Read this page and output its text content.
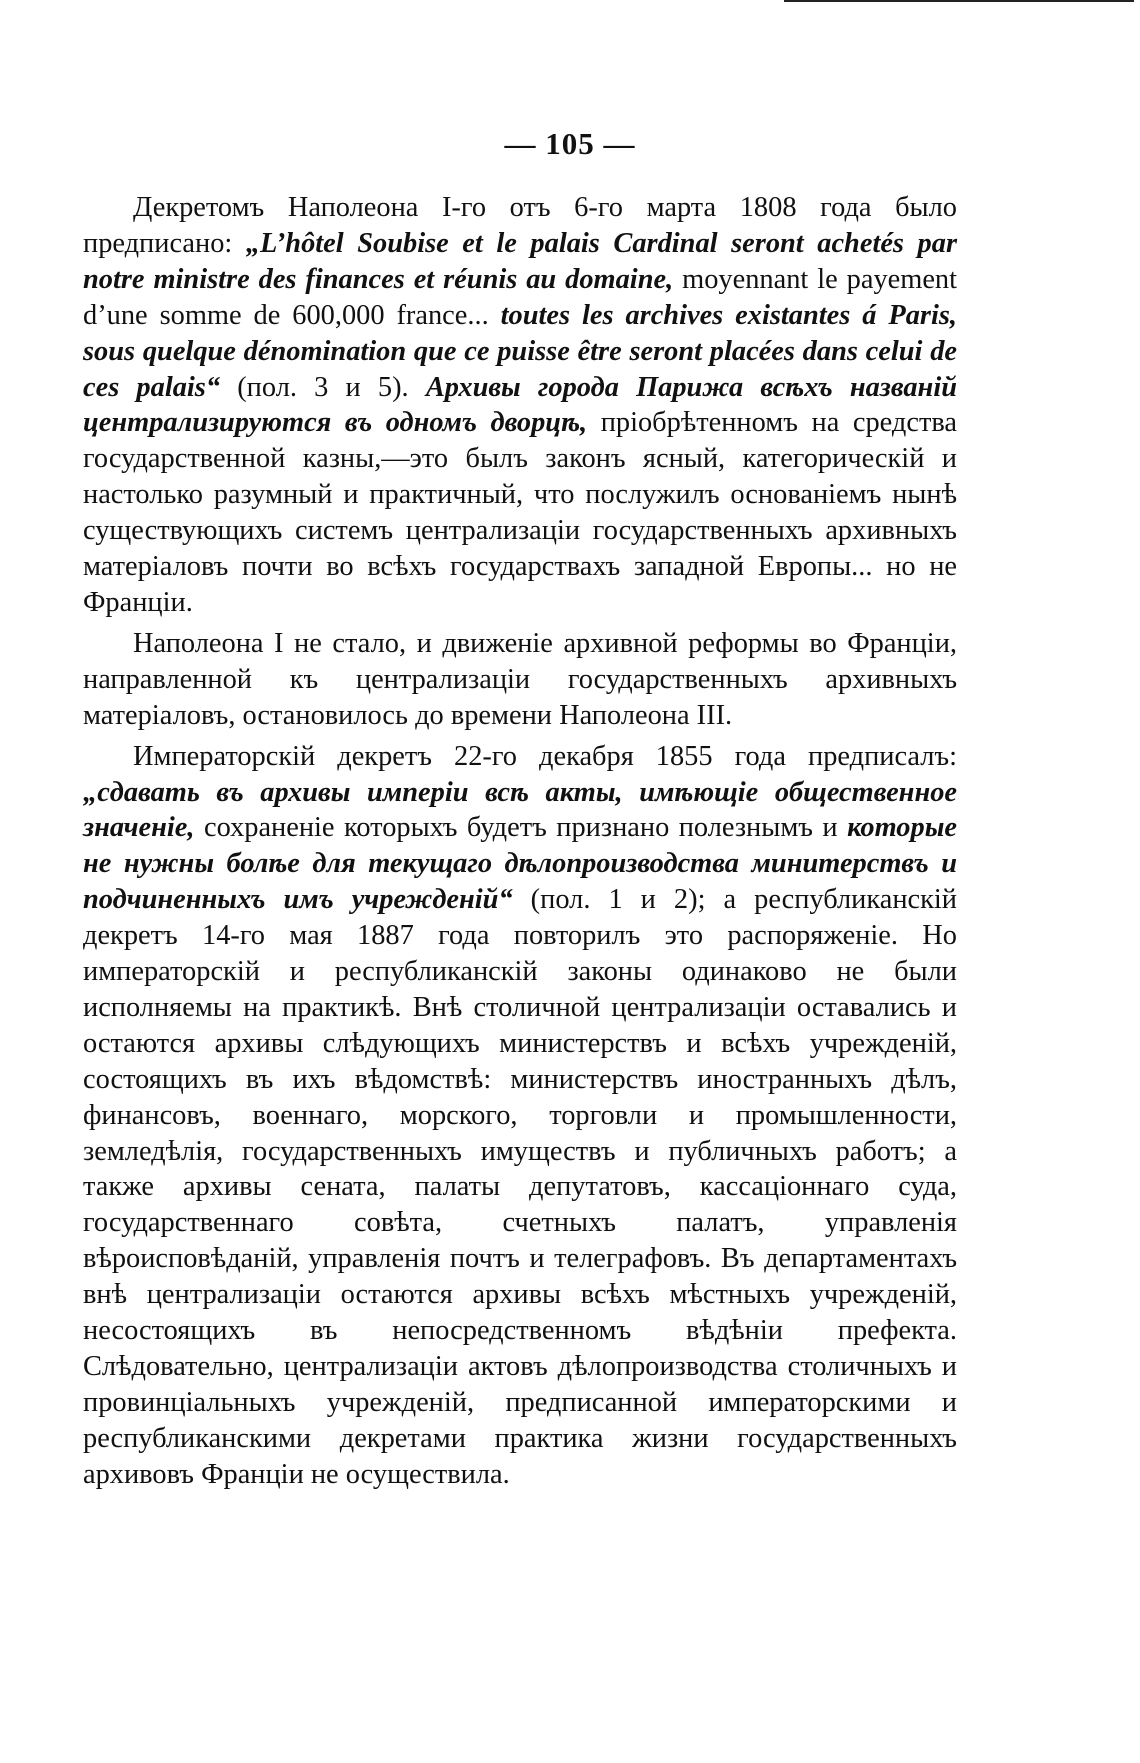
— 105 —

Декретомъ Наполеона I-го отъ 6-го марта 1808 года было предписано: „L’hôtel Soubise et le palais Cardinal seront achetés par notre ministre des finances et réunis au domaine, moyennant le payement d’une somme de 600,000 france... toutes les archives existantes á Paris, sous quelque dénomination que ce puisse être seront placées dans celui de ces palais“ (пол. 3 и 5). Архивы города Парижа всѣхъ названій централизируются въ одномъ дворцѣ, пріобрѣтенномъ на средства государственной казны,—это былъ законъ ясный, категорическій и настолько разумный и практичный, что послужилъ основаніемъ нынѣ существующихъ системъ централизаціи государственныхъ архивныхъ матеріаловъ почти во всѣхъ государствахъ западной Европы... но не Франціи.

Наполеона I не стало, и движеніе архивной реформы во Франціи, направленной къ централизаціи государственныхъ архивныхъ матеріаловъ, остановилось до времени Наполеона III.

Императорскій декретъ 22-го декабря 1855 года предписалъ: „сдавать въ архивы имперіи всѣ акты, имѣющіе общественное значеніе, сохраненіе которыхъ будетъ признано полезнымъ и которые не нужны болѣе для текущаго дѣлопроизводства минитерствъ и подчиненныхъ имъ учрежденій“ (пол. 1 и 2); а республиканскій декретъ 14-го мая 1887 года повторилъ это распоряженіе. Но императорскій и республиканскій законы одинаково не были исполняемы на практикѣ. Внѣ столичной централизаціи оставались и остаются архивы слѣдующихъ министерствъ и всѣхъ учрежденій, состоящихъ въ ихъ вѣдомствѣ: министерствъ иностранныхъ дѣлъ, финансовъ, военнаго, морского, торговли и промышленности, земледѣлія, государственныхъ имуществъ и публичныхъ работъ; а также архивы сената, палаты депутатовъ, кассаціоннаго суда, государственнаго совѣта, счетныхъ палатъ, управленія вѣроисповѣданій, управленія почтъ и телеграфовъ. Въ департаментахъ внѣ централизаціи остаются архивы всѣхъ мѣстныхъ учрежденій, несостоящихъ въ непосредственномъ вѣдѣніи префекта. Слѣдовательно, централизаціи актовъ дѣлопроизводства столичныхъ и провинціальныхъ учрежденій, предписанной императорскими и республиканскими декретами практика жизни государственныхъ архивовъ Франціи не осуществила.
